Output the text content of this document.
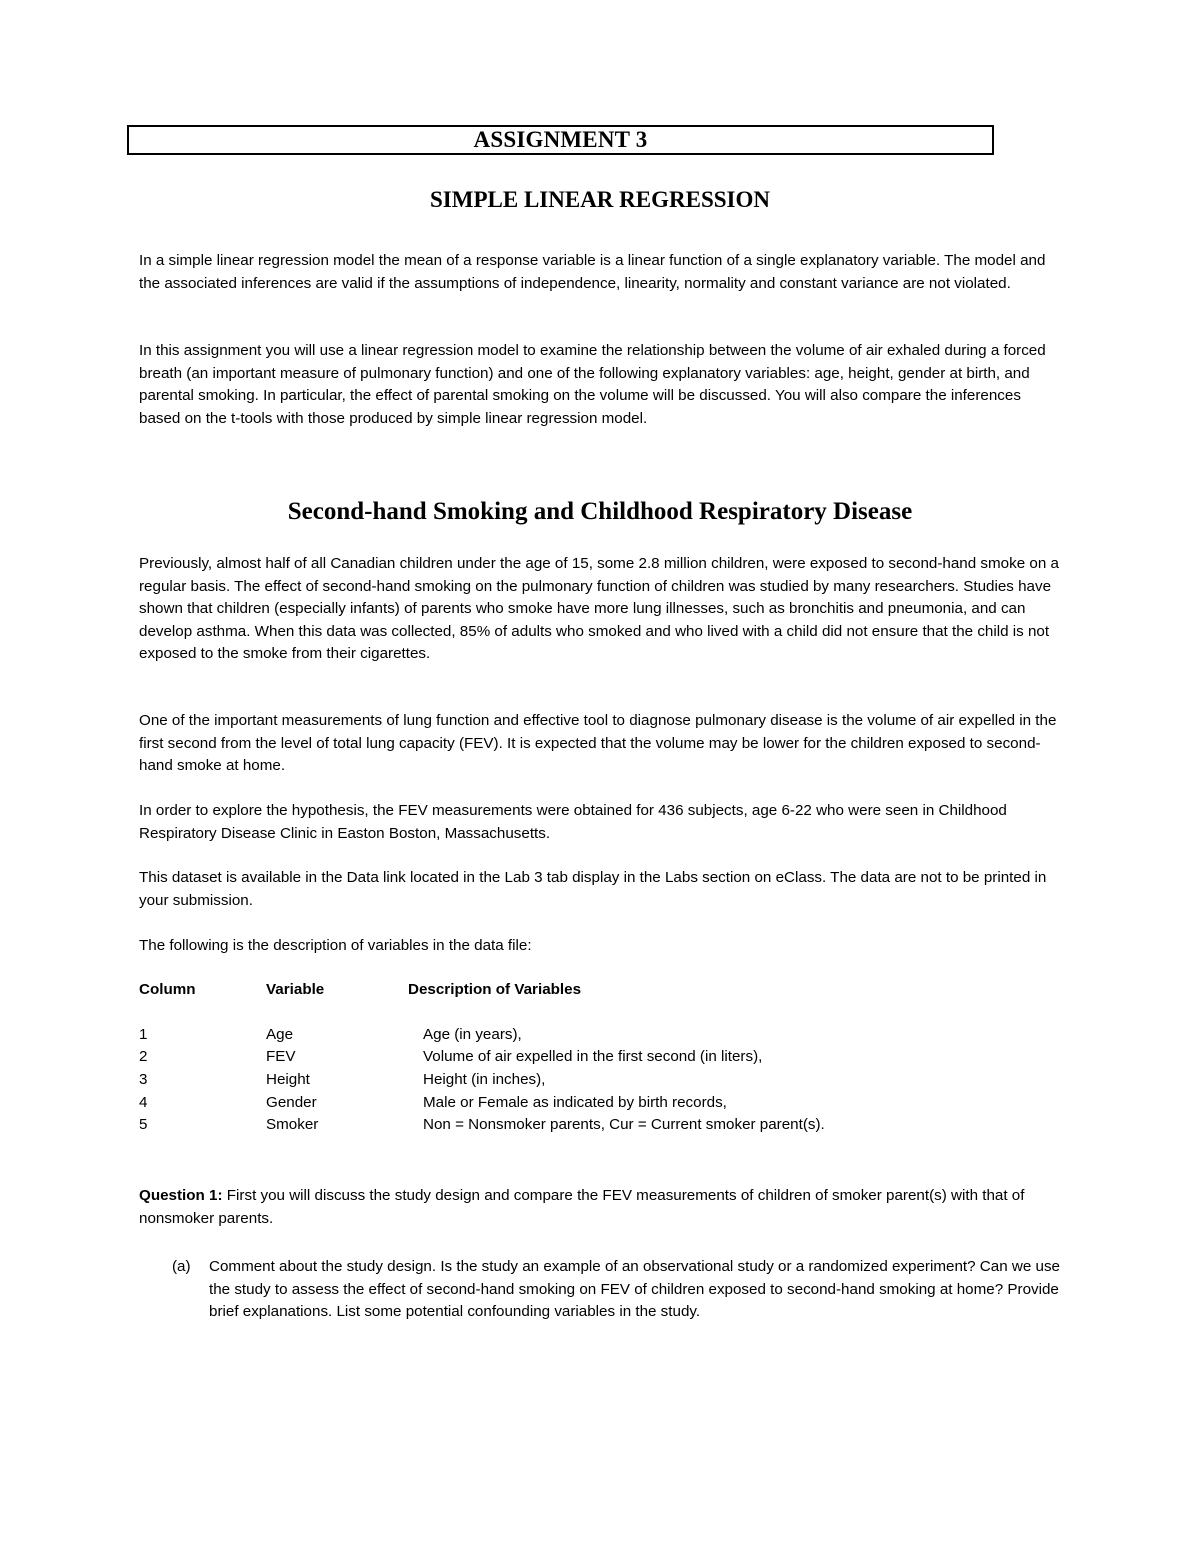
ASSIGNMENT 3
SIMPLE LINEAR REGRESSION

In a simple linear regression model the mean of a response variable is a linear function of a single explanatory variable. The model and the associated inferences are valid if the assumptions of independence, linearity, normality and constant variance are not violated.

In this assignment you will use a linear regression model to examine the relationship between the volume of air exhaled during a forced breath (an important measure of pulmonary function) and one of the following explanatory variables: age, height, gender at birth, and parental smoking. In particular, the effect of parental smoking on the volume will be discussed. You will also compare the inferences based on the t-tools with those produced by simple linear regression model.

Second-hand Smoking and Childhood Respiratory Disease

Previously, almost half of all Canadian children under the age of 15, some 2.8 million children, were exposed to second-hand smoke on a regular basis. The effect of second-hand smoking on the pulmonary function of children was studied by many researchers. Studies have shown that children (especially infants) of parents who smoke have more lung illnesses, such as bronchitis and pneumonia, and can develop asthma. When this data was collected, 85% of adults who smoked and who lived with a child did not ensure that the child is not exposed to the smoke from their cigarettes.

One of the important measurements of lung function and effective tool to diagnose pulmonary disease is the volume of air expelled in the first second from the level of total lung capacity (FEV). It is expected that the volume may be lower for the children exposed to second-hand smoke at home.

In order to explore the hypothesis, the FEV measurements were obtained for 436 subjects, age 6-22 who were seen in Childhood Respiratory Disease Clinic in Easton Boston, Massachusetts.

This dataset is available in the Data link located in the Lab 3 tab display in the Labs section on eClass. The data are not to be printed in your submission.

The following is the description of variables in the data file:

Column	Variable	Description of Variables
1	Age	Age (in years),
2	FEV	Volume of air expelled in the first second (in liters),
3	Height	Height (in inches),
4	Gender	Male or Female as indicated by birth records,
5	Smoker	Non = Nonsmoker parents, Cur = Current smoker parent(s).

Question 1: First you will discuss the study design and compare the FEV measurements of children of smoker parent(s) with that of nonsmoker parents.

(a) Comment about the study design. Is the study an example of an observational study or a randomized experiment? Can we use the study to assess the effect of second-hand smoking on FEV of children exposed to second-hand smoking at home? Provide brief explanations. List some potential confounding variables in the study.
